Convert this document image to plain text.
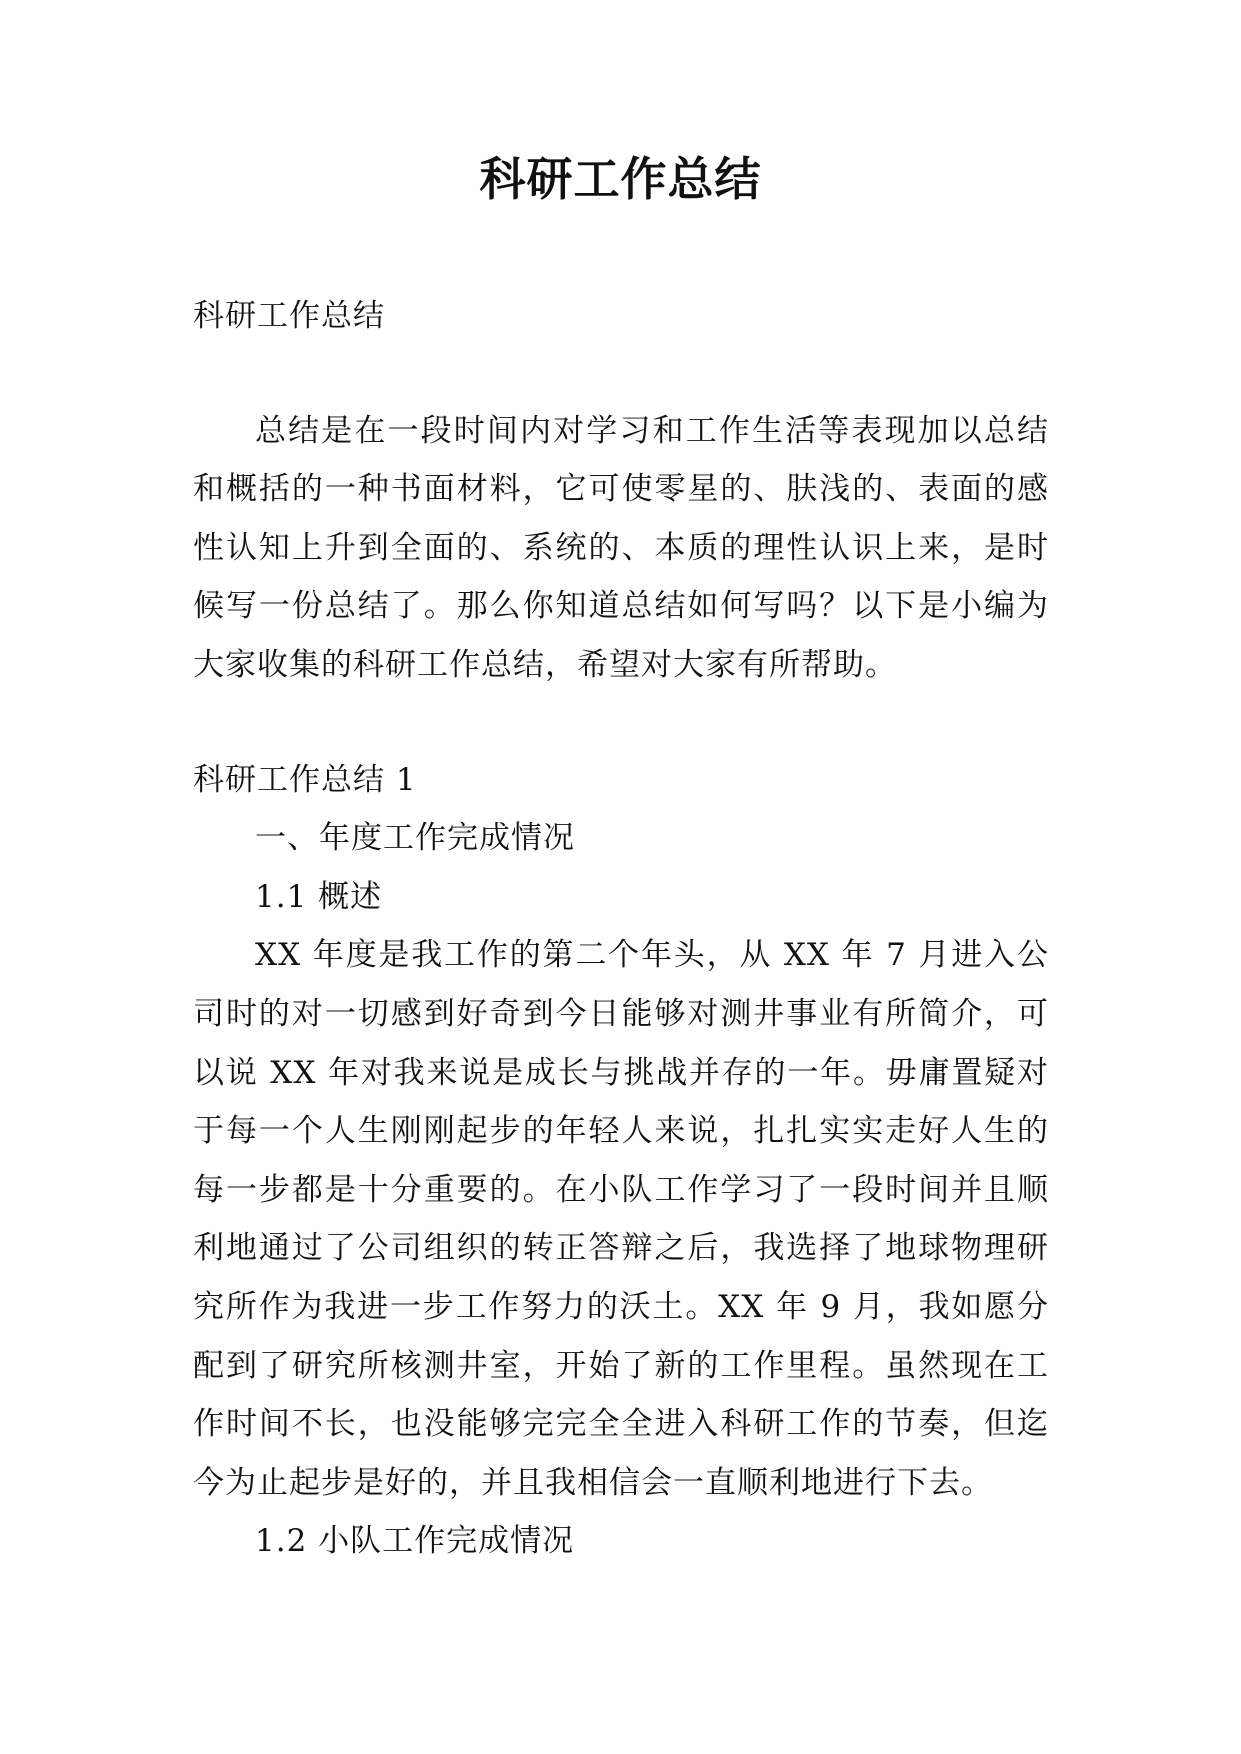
科研工作总结

科研工作总结

总结是在一段时间内对学习和工作生活等表现加以总结和概括的一种书面材料，它可使零星的、肤浅的、表面的感性认知上升到全面的、系统的、本质的理性认识上来，是时候写一份总结了。那么你知道总结如何写吗？以下是小编为大家收集的科研工作总结，希望对大家有所帮助。

科研工作总结 1

一、年度工作完成情况

1.1 概述

XX 年度是我工作的第二个年头，从 XX 年 7 月进入公司时的对一切感到好奇到今日能够对测井事业有所简介，可以说 XX 年对我来说是成长与挑战并存的一年。毋庸置疑对于每一个人生刚刚起步的年轻人来说，扎扎实实走好人生的每一步都是十分重要的。在小队工作学习了一段时间并且顺利地通过了公司组织的转正答辩之后，我选择了地球物理研究所作为我进一步工作努力的沃土。XX 年 9 月，我如愿分配到了研究所核测井室，开始了新的工作里程。虽然现在工作时间不长，也没能够完完全全进入科研工作的节奏，但迄今为止起步是好的，并且我相信会一直顺利地进行下去。

1.2 小队工作完成情况
